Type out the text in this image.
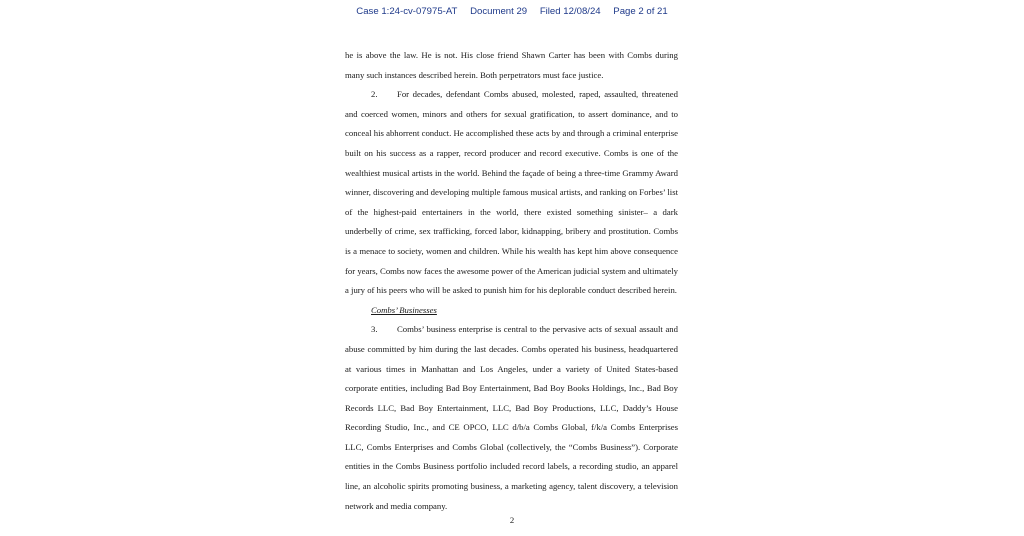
Case 1:24-cv-07975-AT Document 29 Filed 12/08/24 Page 2 of 21

he is above the law. He is not. His close friend Shawn Carter has been with Combs during many such instances described herein. Both perpetrators must face justice.

2. For decades, defendant Combs abused, molested, raped, assaulted, threatened and coerced women, minors and others for sexual gratification, to assert dominance, and to conceal his abhorrent conduct. He accomplished these acts by and through a criminal enterprise built on his success as a rapper, record producer and record executive. Combs is one of the wealthiest musical artists in the world. Behind the façade of being a three-time Grammy Award winner, discovering and developing multiple famous musical artists, and ranking on Forbes’ list of the highest-paid entertainers in the world, there existed something sinister– a dark underbelly of crime, sex trafficking, forced labor, kidnapping, bribery and prostitution. Combs is a menace to society, women and children. While his wealth has kept him above consequence for years, Combs now faces the awesome power of the American judicial system and ultimately a jury of his peers who will be asked to punish him for his deplorable conduct described herein.

Combs’ Businesses

3. Combs’ business enterprise is central to the pervasive acts of sexual assault and abuse committed by him during the last decades. Combs operated his business, headquartered at various times in Manhattan and Los Angeles, under a variety of United States-based corporate entities, including Bad Boy Entertainment, Bad Boy Books Holdings, Inc., Bad Boy Records LLC, Bad Boy Entertainment, LLC, Bad Boy Productions, LLC, Daddy’s House Recording Studio, Inc., and CE OPCO, LLC d/b/a Combs Global, f/k/a Combs Enterprises LLC, Combs Enterprises and Combs Global (collectively, the “Combs Business”). Corporate entities in the Combs Business portfolio included record labels, a recording studio, an apparel line, an alcoholic spirits promoting business, a marketing agency, talent discovery, a television network and media company.

2
